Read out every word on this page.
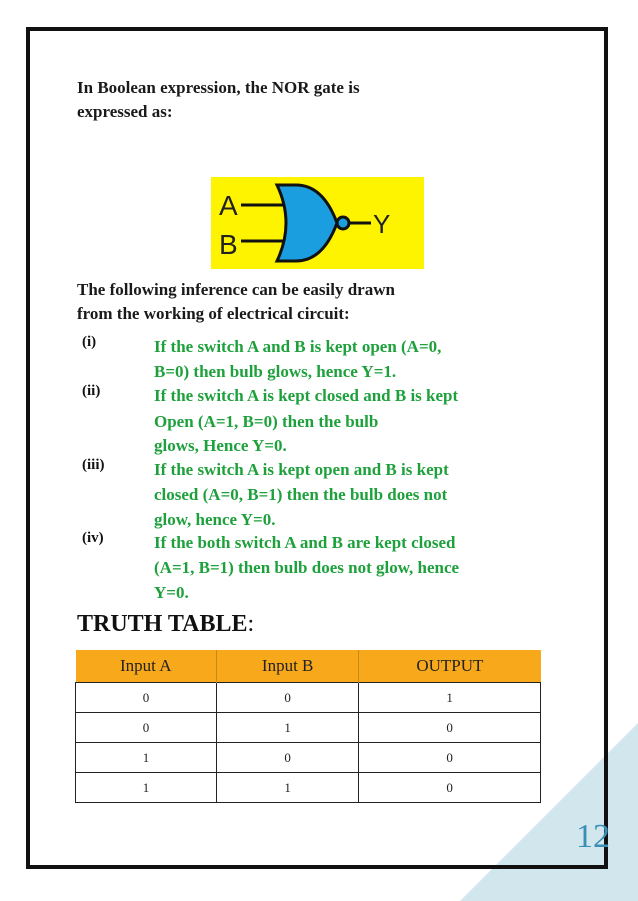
In Boolean expression, the NOR gate is
expressed as:
A
B
Y
The following inference can be easily drawn
from the working of electrical circuit:
(i)	If the switch A and B is kept open (A=0,
B=0) then bulb glows, hence Y=1.
(ii)	If the switch A is kept closed and B is kept
Open (A=1, B=0) then the bulb
glows, Hence Y=0.
(iii)	If the switch A is kept open and B is kept
closed (A=0, B=1) then the bulb does not
glow, hence Y=0.
(iv)	If the both switch A and B are kept closed
(A=1, B=1) then bulb does not glow, hence
Y=0.
TRUTH TABLE:
Input A	Input B	OUTPUT
0	0	1
0	1	0
1	0	0
1	1	0
12
